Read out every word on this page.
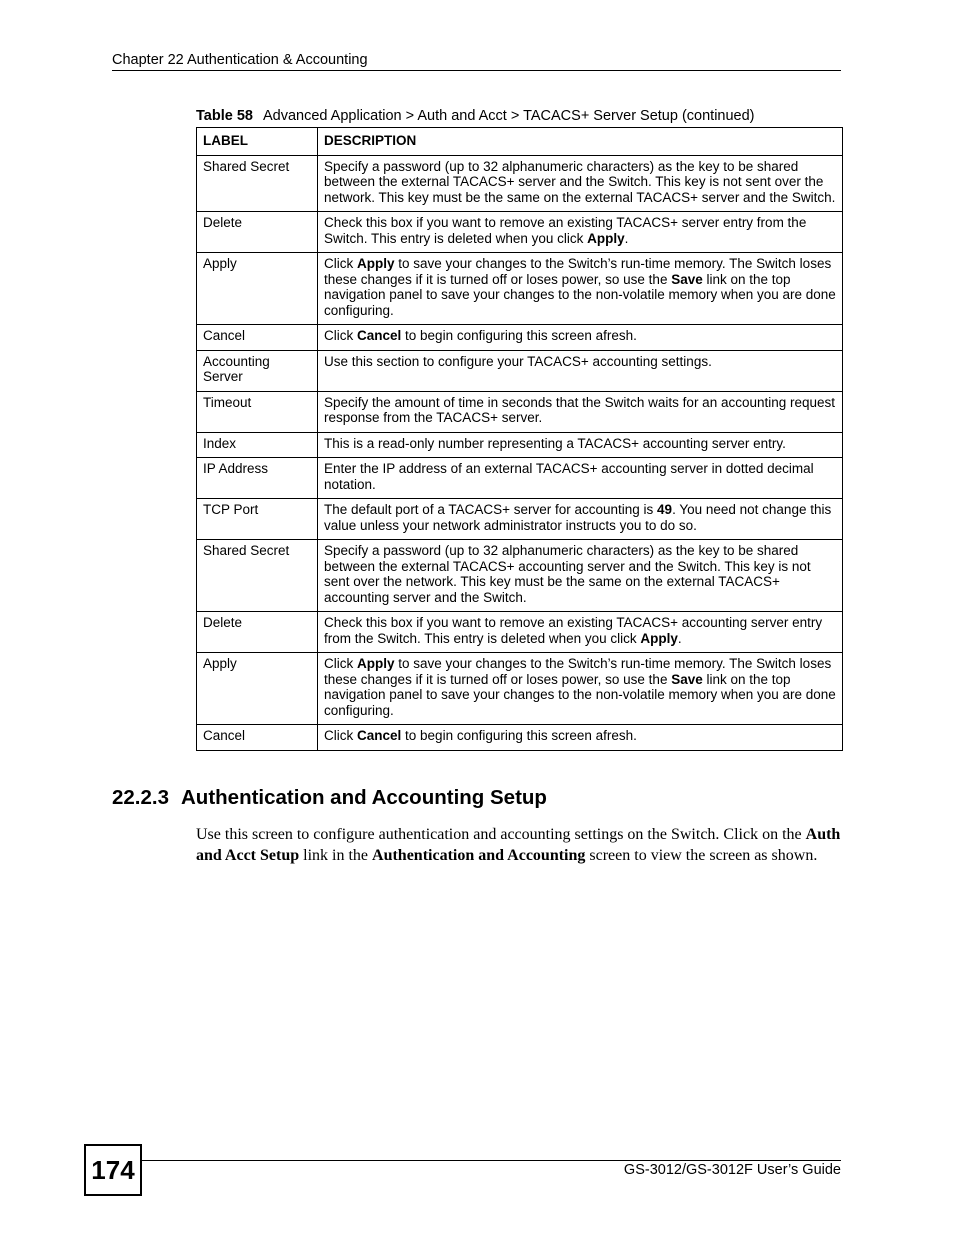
Chapter 22 Authentication & Accounting
Table 58 Advanced Application > Auth and Acct > TACACS+ Server Setup (continued)
LABEL	DESCRIPTION
Shared Secret	Specify a password (up to 32 alphanumeric characters) as the key to be shared between the external TACACS+ server and the Switch. This key is not sent over the network. This key must be the same on the external TACACS+ server and the Switch.
Delete	Check this box if you want to remove an existing TACACS+ server entry from the Switch. This entry is deleted when you click Apply.
Apply	Click Apply to save your changes to the Switch’s run-time memory. The Switch loses these changes if it is turned off or loses power, so use the Save link on the top navigation panel to save your changes to the non-volatile memory when you are done configuring.
Cancel	Click Cancel to begin configuring this screen afresh.
Accounting Server	Use this section to configure your TACACS+ accounting settings.
Timeout	Specify the amount of time in seconds that the Switch waits for an accounting request response from the TACACS+ server.
Index	This is a read-only number representing a TACACS+ accounting server entry.
IP Address	Enter the IP address of an external TACACS+ accounting server in dotted decimal notation.
TCP Port	The default port of a TACACS+ server for accounting is 49. You need not change this value unless your network administrator instructs you to do so.
Shared Secret	Specify a password (up to 32 alphanumeric characters) as the key to be shared between the external TACACS+ accounting server and the Switch. This key is not sent over the network. This key must be the same on the external TACACS+ accounting server and the Switch.
Delete	Check this box if you want to remove an existing TACACS+ accounting server entry from the Switch. This entry is deleted when you click Apply.
Apply	Click Apply to save your changes to the Switch’s run-time memory. The Switch loses these changes if it is turned off or loses power, so use the Save link on the top navigation panel to save your changes to the non-volatile memory when you are done configuring.
Cancel	Click Cancel to begin configuring this screen afresh.
22.2.3 Authentication and Accounting Setup
Use this screen to configure authentication and accounting settings on the Switch. Click on the Auth and Acct Setup link in the Authentication and Accounting screen to view the screen as shown.
174	GS-3012/GS-3012F User’s Guide
